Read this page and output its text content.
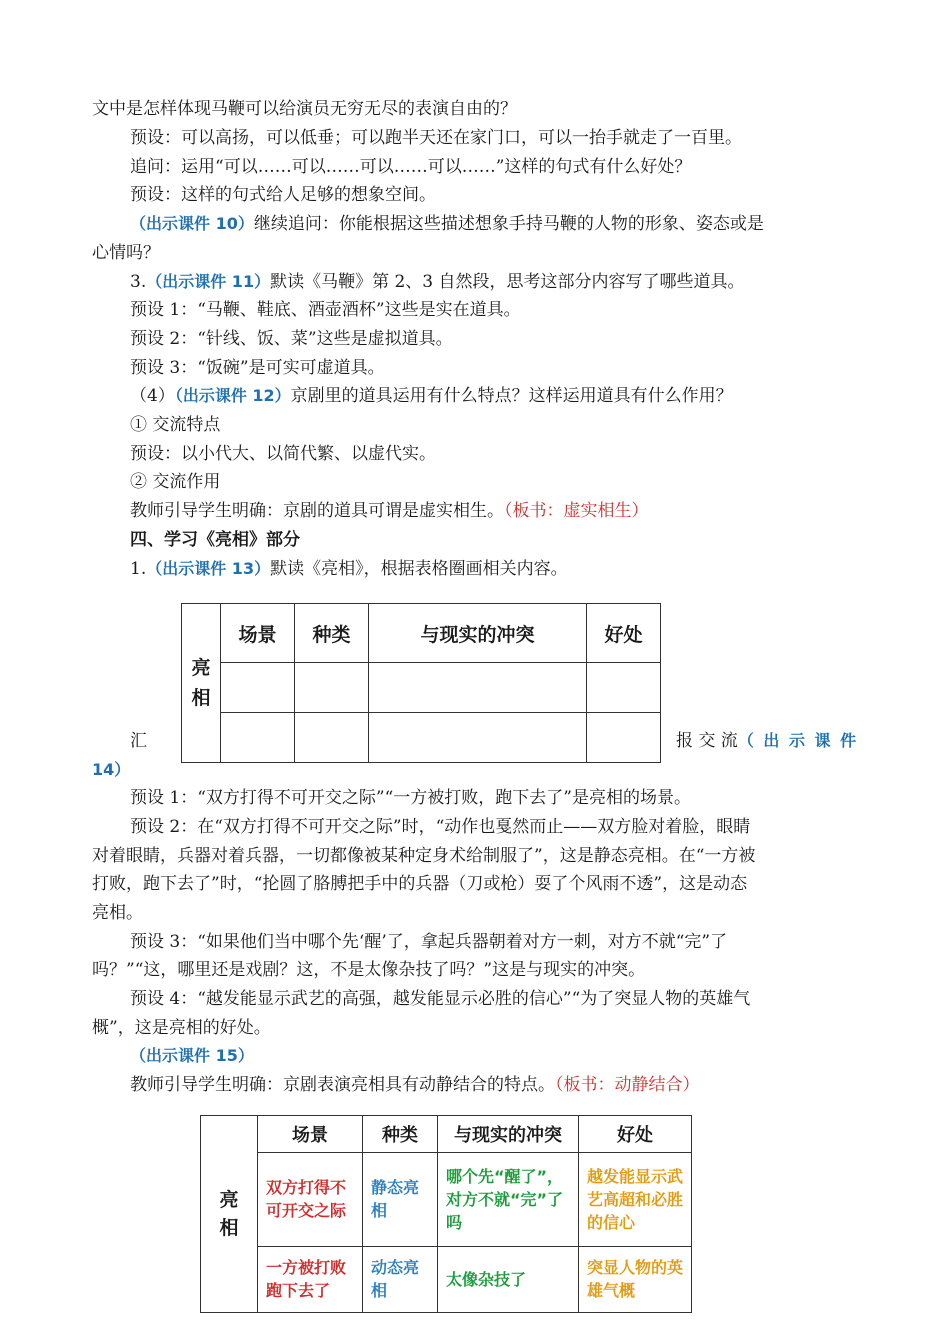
文中是怎样体现马鞭可以给演员无穷无尽的表演自由的？
预设：可以高扬，可以低垂；可以跑半天还在家门口，可以一抬手就走了一百里。
追问：运用“可以……可以……可以……可以……”这样的句式有什么好处？
预设：这样的句式给人足够的想象空间。
（出示课件 10）继续追问：你能根据这些描述想象手持马鞭的人物的形象、姿态或是
心情吗？
3.（出示课件 11）默读《马鞭》第 2、3 自然段，思考这部分内容写了哪些道具。
预设 1：“马鞭、鞋底、酒壶酒杯”这些是实在道具。
预设 2：“针线、饭、菜”这些是虚拟道具。
预设 3：“饭碗”是可实可虚道具。
（4）（出示课件 12）京剧里的道具运用有什么特点？这样运用道具有什么作用？
① 交流特点
预设：以小代大、以简代繁、以虚代实。
② 交流作用
教师引导学生明确：京剧的道具可谓是虚实相生。（板书：虚实相生）
四、学习《亮相》部分
1.（出示课件 13）默读《亮相》，根据表格圈画相关内容。
亮
相	场景	种类	与现实的冲突	好处

汇	报 交 流（ 出 示 课 件
14）
预设 1：“双方打得不可开交之际”“一方被打败，跑下去了”是亮相的场景。
预设 2：在“双方打得不可开交之际”时，“动作也戛然而止——双方脸对着脸，眼睛
对着眼睛，兵器对着兵器，一切都像被某种定身术给制服了”，这是静态亮相。在“一方被
打败，跑下去了”时，“抡圆了胳膊把手中的兵器（刀或枪）耍了个风雨不透”，这是动态
亮相。
预设 3：“如果他们当中哪个先‘醒’了，拿起兵器朝着对方一刺，对方不就“完”了
吗？”“这，哪里还是戏剧？这，不是太像杂技了吗？”这是与现实的冲突。
预设 4：“越发能显示武艺的高强，越发能显示必胜的信心”“为了突显人物的英雄气
概”，这是亮相的好处。
（出示课件 15）
教师引导学生明确：京剧表演亮相具有动静结合的特点。（板书：动静结合）
亮
相	场景	种类	与现实的冲突	好处
	双方打得不可开交之际	静态亮相	哪个先“醒了”，对方不就“完”了吗	越发能显示武艺高超和必胜的信心
	一方被打败跑下去了	动态亮相	太像杂技了	突显人物的英雄气概
